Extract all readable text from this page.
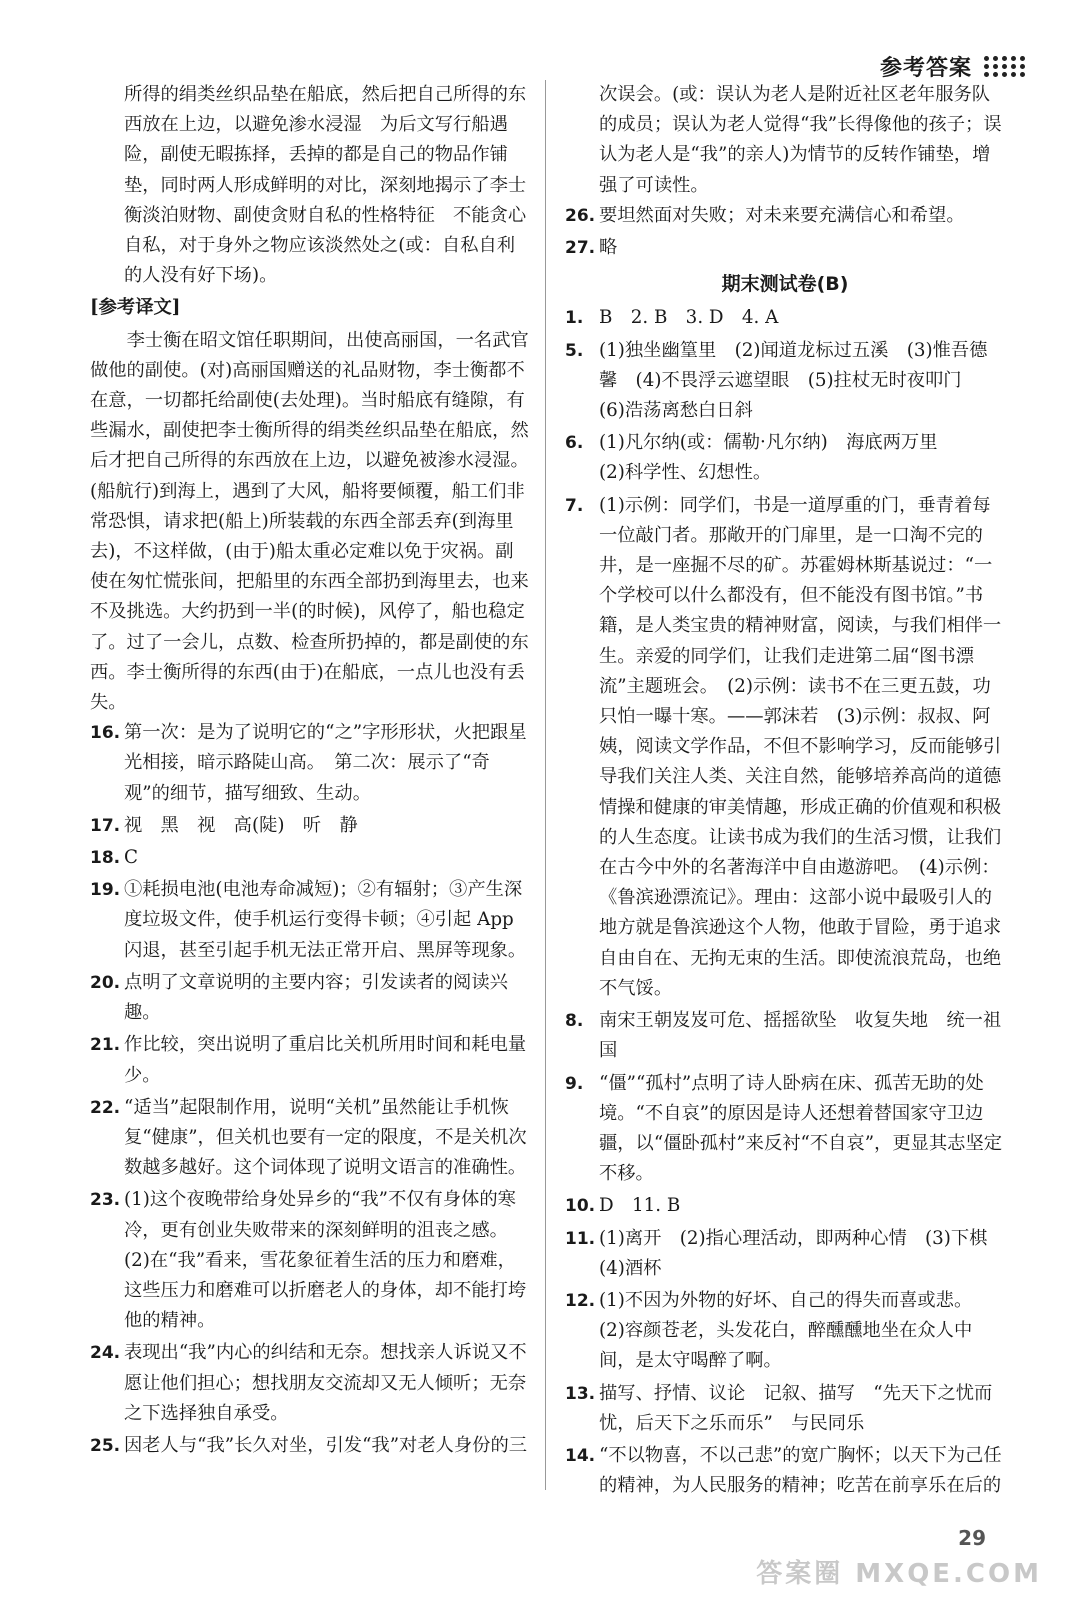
参考答案

所得的绢类丝织品垫在船底，然后把自己所得的东西放在上边，以避免渗水浸湿　为后文写行船遇险，副使无暇拣择，丢掉的都是自己的物品作铺垫，同时两人形成鲜明的对比，深刻地揭示了李士衡淡泊财物、副使贪财自私的性格特征　不能贪心自私，对于身外之物应该淡然处之(或：自私自利的人没有好下场)。

[参考译文]

李士衡在昭文馆任职期间，出使高丽国，一名武官做他的副使。(对)高丽国赠送的礼品财物，李士衡都不在意，一切都托给副使(去处理)。当时船底有缝隙，有些漏水，副使把李士衡所得的绢类丝织品垫在船底，然后才把自己所得的东西放在上边，以避免被渗水浸湿。(船航行)到海上，遇到了大风，船将要倾覆，船工们非常恐惧，请求把(船上)所装载的东西全部丢弃(到海里去)，不这样做，(由于)船太重必定难以免于灾祸。副使在匆忙慌张间，把船里的东西全部扔到海里去，也来不及挑选。大约扔到一半(的时候)，风停了，船也稳定了。过了一会儿，点数、检查所扔掉的，都是副使的东西。李士衡所得的东西(由于)在船底，一点儿也没有丢失。

16. 第一次：是为了说明它的“之”字形形状，火把跟星光相接，暗示路陡山高。　第二次：展示了“奇观”的细节，描写细致、生动。
17. 视　黑　视　高(陡)　听　静
18. C
19. ①耗损电池(电池寿命减短)；②有辐射；③产生深度垃圾文件，使手机运行变得卡顿；④引起 App 闪退，甚至引起手机无法正常开启、黑屏等现象。
20. 点明了文章说明的主要内容；引发读者的阅读兴趣。
21. 作比较，突出说明了重启比关机所用时间和耗电量少。
22. “适当”起限制作用，说明“关机”虽然能让手机恢复“健康”，但关机也要有一定的限度，不是关机次数越多越好。这个词体现了说明文语言的准确性。
23. (1)这个夜晚带给身处异乡的“我”不仅有身体的寒冷，更有创业失败带来的深刻鲜明的沮丧之感。
(2)在“我”看来，雪花象征着生活的压力和磨难，这些压力和磨难可以折磨老人的身体，却不能打垮他的精神。
24. 表现出“我”内心的纠结和无奈。想找亲人诉说又不愿让他们担心；想找朋友交流却又无人倾听；无奈之下选择独自承受。
25. 因老人与“我”长久对坐，引发“我”对老人身份的三

次误会。(或：误认为老人是附近社区老年服务队的成员；误认为老人觉得“我”长得像他的孩子；误认为老人是“我”的亲人)为情节的反转作铺垫，增强了可读性。

26. 要坦然面对失败；对未来要充满信心和希望。
27. 略
期末测试卷(B)
1. B　2. B　3. D　4. A
5. (1)独坐幽篁里　(2)闻道龙标过五溪　(3)惟吾德馨　(4)不畏浮云遮望眼　(5)拄杖无时夜叩门　(6)浩荡离愁白日斜
6. (1)凡尔纳(或：儒勒·凡尔纳)　海底两万里
(2)科学性、幻想性。
7. (1)示例：同学们，书是一道厚重的门，垂青着每一位敲门者。那敞开的门扉里，是一口淘不完的井，是一座掘不尽的矿。苏霍姆林斯基说过：“一个学校可以什么都没有，但不能没有图书馆。”书籍，是人类宝贵的精神财富，阅读，与我们相伴一生。亲爱的同学们，让我们走进第二届“图书漂流”主题班会。　(2)示例：读书不在三更五鼓，功只怕一曝十寒。——郭沫若　(3)示例：叔叔、阿姨，阅读文学作品，不但不影响学习，反而能够引导我们关注人类、关注自然，能够培养高尚的道德情操和健康的审美情趣，形成正确的价值观和积极的人生态度。让读书成为我们的生活习惯，让我们在古今中外的名著海洋中自由遨游吧。　(4)示例：《鲁滨逊漂流记》。理由：这部小说中最吸引人的地方就是鲁滨逊这个人物，他敢于冒险，勇于追求自由自在、无拘无束的生活。即使流浪荒岛，也绝不气馁。
8. 南宋王朝岌岌可危、摇摇欲坠　收复失地　统一祖国
9. “僵”“孤村”点明了诗人卧病在床、孤苦无助的处境。“不自哀”的原因是诗人还想着替国家守卫边疆，以“僵卧孤村”来反衬“不自哀”，更显其志坚定不移。
10. D　11. B
11. (1)离开　(2)指心理活动，即两种心情　(3)下棋　(4)酒杯
12. (1)不因为外物的好坏、自己的得失而喜或悲。
(2)容颜苍老，头发花白，醉醺醺地坐在众人中间，是太守喝醉了啊。
13. 描写、抒情、议论　记叙、描写　“先天下之忧而忧，后天下之乐而乐”　与民同乐
14. “不以物喜，不以己悲”的宽广胸怀；以天下为己任的精神，为人民服务的精神；吃苦在前享乐在后的
29
答案圈 MXQE.COM
